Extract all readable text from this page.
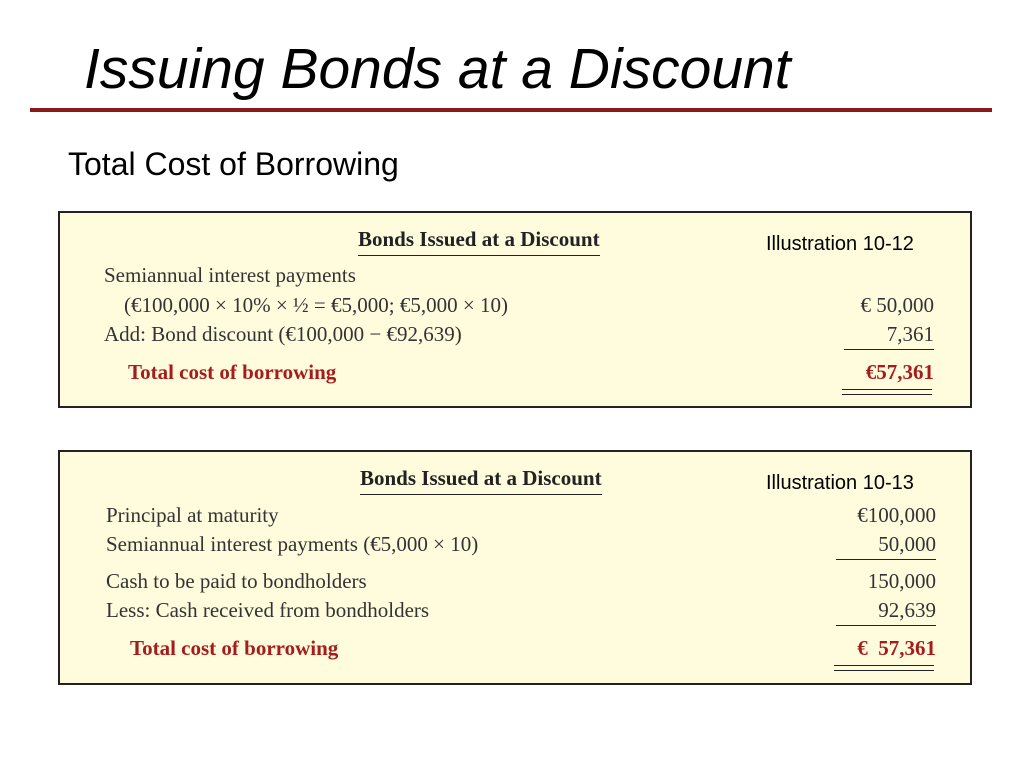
Issuing Bonds at a Discount
Total Cost of Borrowing
Bonds Issued at a Discount	Illustration 10-12
Semiannual interest payments
(€100,000 × 10% × ½ = €5,000; €5,000 × 10)	€ 50,000
Add: Bond discount (€100,000 − €92,639)	7,361
Total cost of borrowing	€57,361
Bonds Issued at a Discount	Illustration 10-13
Principal at maturity	€100,000
Semiannual interest payments (€5,000 × 10)	50,000
Cash to be paid to bondholders	150,000
Less: Cash received from bondholders	92,639
Total cost of borrowing	€  57,361
